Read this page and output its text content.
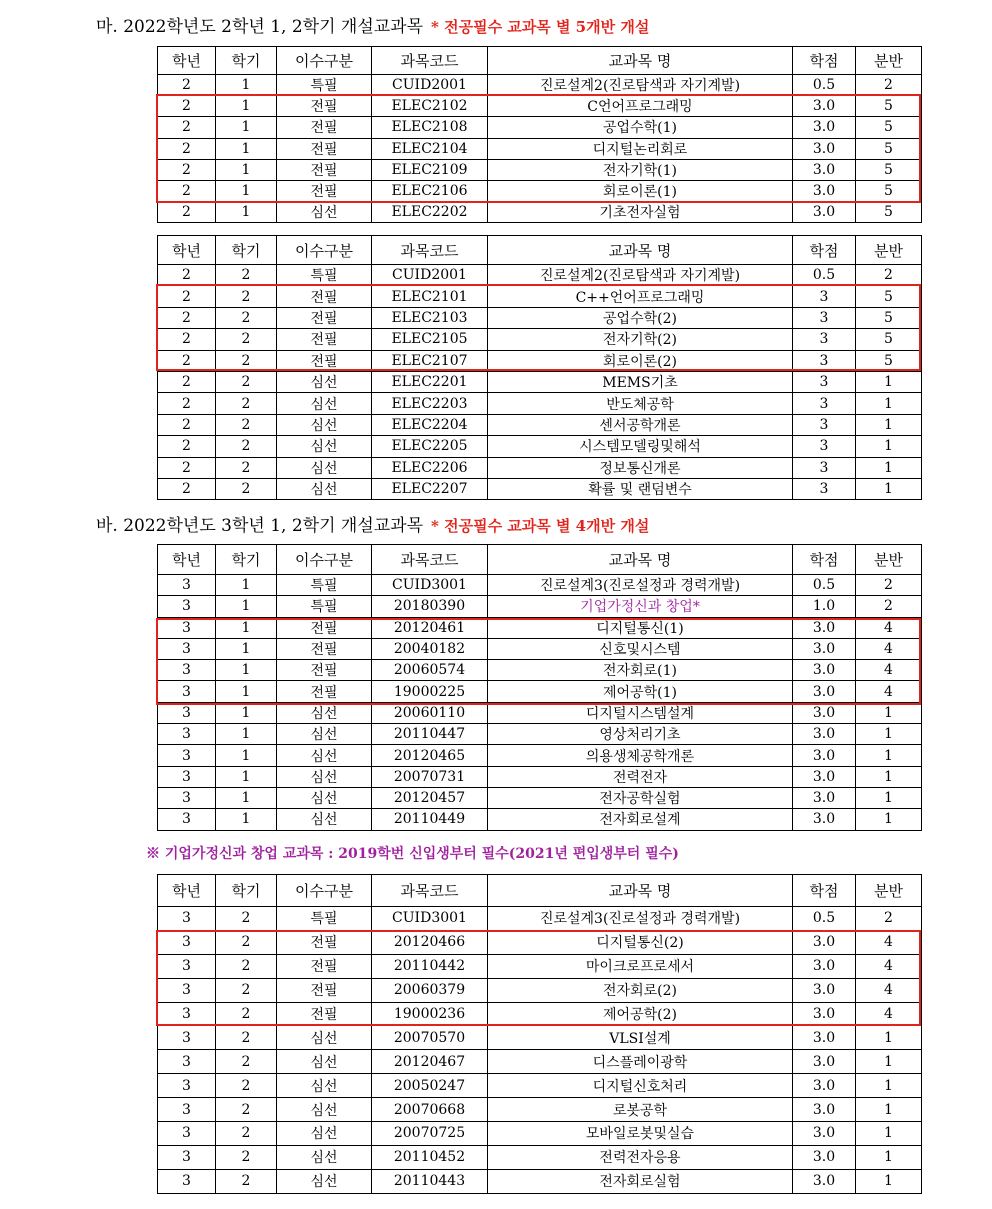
마. 2022학년도 2학년 1, 2학기 개설교과목 * 전공필수 교과목 별 5개반 개설
학년	학기	이수구분	과목코드	교과목 명	학점	분반
2	1	특필	CUID2001	진로설계2(진로탐색과 자기계발)	0.5	2
2	1	전필	ELEC2102	C언어프로그래밍	3.0	5
2	1	전필	ELEC2108	공업수학(1)	3.0	5
2	1	전필	ELEC2104	디지털논리회로	3.0	5
2	1	전필	ELEC2109	전자기학(1)	3.0	5
2	1	전필	ELEC2106	회로이론(1)	3.0	5
2	1	심선	ELEC2202	기초전자실험	3.0	5
학년	학기	이수구분	과목코드	교과목 명	학점	분반
2	2	특필	CUID2001	진로설계2(진로탐색과 자기계발)	0.5	2
2	2	전필	ELEC2101	C++언어프로그래밍	3	5
2	2	전필	ELEC2103	공업수학(2)	3	5
2	2	전필	ELEC2105	전자기학(2)	3	5
2	2	전필	ELEC2107	회로이론(2)	3	5
2	2	심선	ELEC2201	MEMS기초	3	1
2	2	심선	ELEC2203	반도체공학	3	1
2	2	심선	ELEC2204	센서공학개론	3	1
2	2	심선	ELEC2205	시스템모델링및해석	3	1
2	2	심선	ELEC2206	정보통신개론	3	1
2	2	심선	ELEC2207	확률 및 랜덤변수	3	1
바. 2022학년도 3학년 1, 2학기 개설교과목 * 전공필수 교과목 별 4개반 개설
학년	학기	이수구분	과목코드	교과목 명	학점	분반
3	1	특필	CUID3001	진로설계3(진로설정과 경력개발)	0.5	2
3	1	특필	20180390	기업가정신과 창업*	1.0	2
3	1	전필	20120461	디지털통신(1)	3.0	4
3	1	전필	20040182	신호및시스템	3.0	4
3	1	전필	20060574	전자회로(1)	3.0	4
3	1	전필	19000225	제어공학(1)	3.0	4
3	1	심선	20060110	디지털시스템설계	3.0	1
3	1	심선	20110447	영상처리기초	3.0	1
3	1	심선	20120465	의용생체공학개론	3.0	1
3	1	심선	20070731	전력전자	3.0	1
3	1	심선	20120457	전자공학실험	3.0	1
3	1	심선	20110449	전자회로설계	3.0	1
※ 기업가정신과 창업 교과목 : 2019학번 신입생부터 필수(2021년 편입생부터 필수)
학년	학기	이수구분	과목코드	교과목 명	학점	분반
3	2	특필	CUID3001	진로설계3(진로설정과 경력개발)	0.5	2
3	2	전필	20120466	디지털통신(2)	3.0	4
3	2	전필	20110442	마이크로프로세서	3.0	4
3	2	전필	20060379	전자회로(2)	3.0	4
3	2	전필	19000236	제어공학(2)	3.0	4
3	2	심선	20070570	VLSI설계	3.0	1
3	2	심선	20120467	디스플레이광학	3.0	1
3	2	심선	20050247	디지털신호처리	3.0	1
3	2	심선	20070668	로봇공학	3.0	1
3	2	심선	20070725	모바일로봇및실습	3.0	1
3	2	심선	20110452	전력전자응용	3.0	1
3	2	심선	20110443	전자회로실험	3.0	1
